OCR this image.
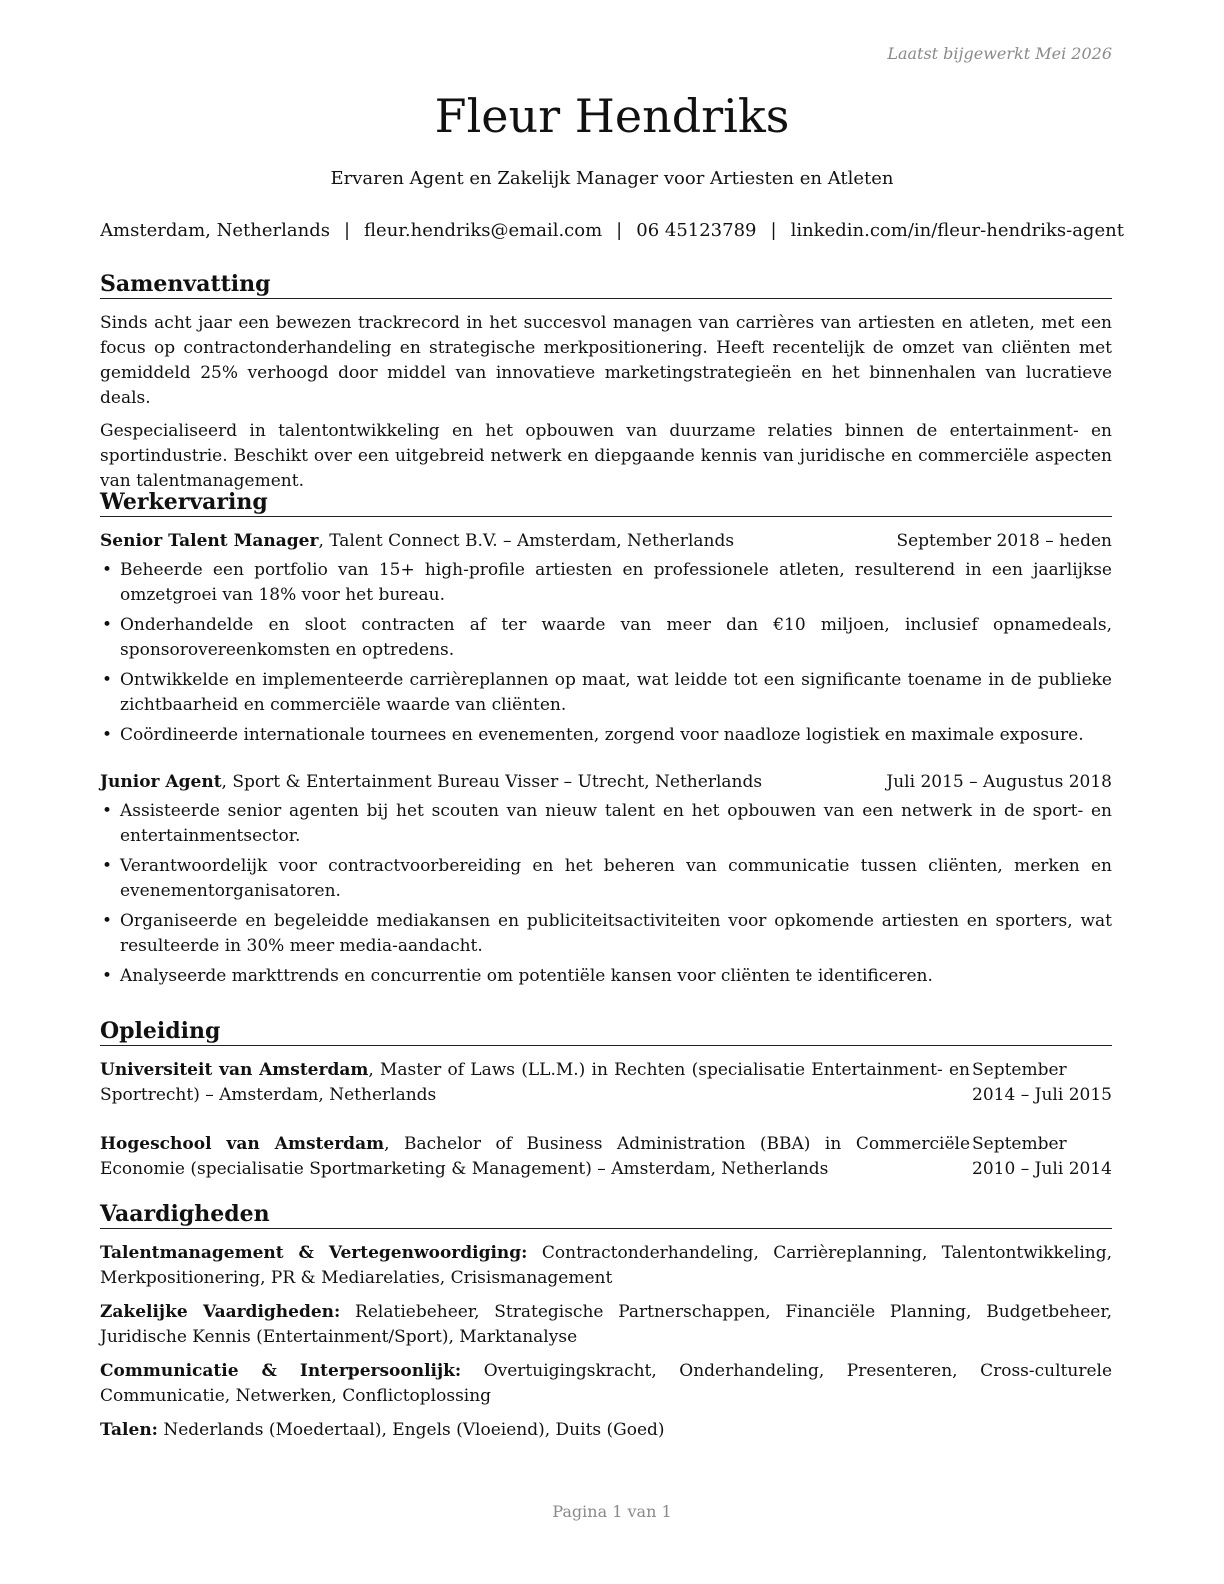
Laatst bijgewerkt Mei 2026
Fleur Hendriks
Ervaren Agent en Zakelijk Manager voor Artiesten en Atleten
Amsterdam, Netherlands | fleur.hendriks@email.com | 06 45123789 | linkedin.com/in/fleur-hendriks-agent
Samenvatting

Sinds acht jaar een bewezen trackrecord in het succesvol managen van carrières van artiesten en atleten, met een focus op contractonderhandeling en strategische merkpositionering. Heeft recentelijk de omzet van cliënten met gemiddeld 25% verhoogd door middel van innovatieve marketingstrategieën en het binnenhalen van lucratieve deals.

Gespecialiseerd in talentontwikkeling en het opbouwen van duurzame relaties binnen de entertainment- en sportindustrie. Beschikt over een uitgebreid netwerk en diepgaande kennis van juridische en commerciële aspecten van talentmanagement.

Werkervaring
Senior Talent Manager, Talent Connect B.V. – Amsterdam, Netherlands	September 2018 – heden
• Beheerde een portfolio van 15+ high-profile artiesten en professionele atleten, resulterend in een jaarlijkse omzetgroei van 18% voor het bureau.
• Onderhandelde en sloot contracten af ter waarde van meer dan €10 miljoen, inclusief opnamedeals, sponsorovereenkomsten en optredens.
• Ontwikkelde en implementeerde carrièreplannen op maat, wat leidde tot een significante toename in de publieke zichtbaarheid en commerciële waarde van cliënten.
• Coördineerde internationale tournees en evenementen, zorgend voor naadloze logistiek en maximale exposure.
Junior Agent, Sport & Entertainment Bureau Visser – Utrecht, Netherlands	Juli 2015 – Augustus 2018
• Assisteerde senior agenten bij het scouten van nieuw talent en het opbouwen van een netwerk in de sport- en entertainmentsector.
• Verantwoordelijk voor contractvoorbereiding en het beheren van communicatie tussen cliënten, merken en evenementorganisatoren.
• Organiseerde en begeleidde mediakansen en publiciteitsactiviteiten voor opkomende artiesten en sporters, wat resulteerde in 30% meer media-aandacht.
• Analyseerde markttrends en concurrentie om potentiële kansen voor cliënten te identificeren.
Opleiding
Universiteit van Amsterdam, Master of Laws (LL.M.) in Rechten (specialisatie Entertainment- en Sportrecht) – Amsterdam, Netherlands
September 2014 – Juli 2015
Hogeschool van Amsterdam, Bachelor of Business Administration (BBA) in Commerciële Economie (specialisatie Sportmarketing & Management) – Amsterdam, Netherlands
September 2010 – Juli 2014
Vaardigheden
Talentmanagement & Vertegenwoordiging: Contractonderhandeling, Carrièreplanning, Talentontwikkeling, Merkpositionering, PR & Mediarelaties, Crisismanagement
Zakelijke Vaardigheden: Relatiebeheer, Strategische Partnerschappen, Financiële Planning, Budgetbeheer, Juridische Kennis (Entertainment/Sport), Marktanalyse
Communicatie & Interpersoonlijk: Overtuigingskracht, Onderhandeling, Presenteren, Cross-culturele Communicatie, Netwerken, Conflictoplossing
Talen: Nederlands (Moedertaal), Engels (Vloeiend), Duits (Goed)
Pagina 1 van 1
